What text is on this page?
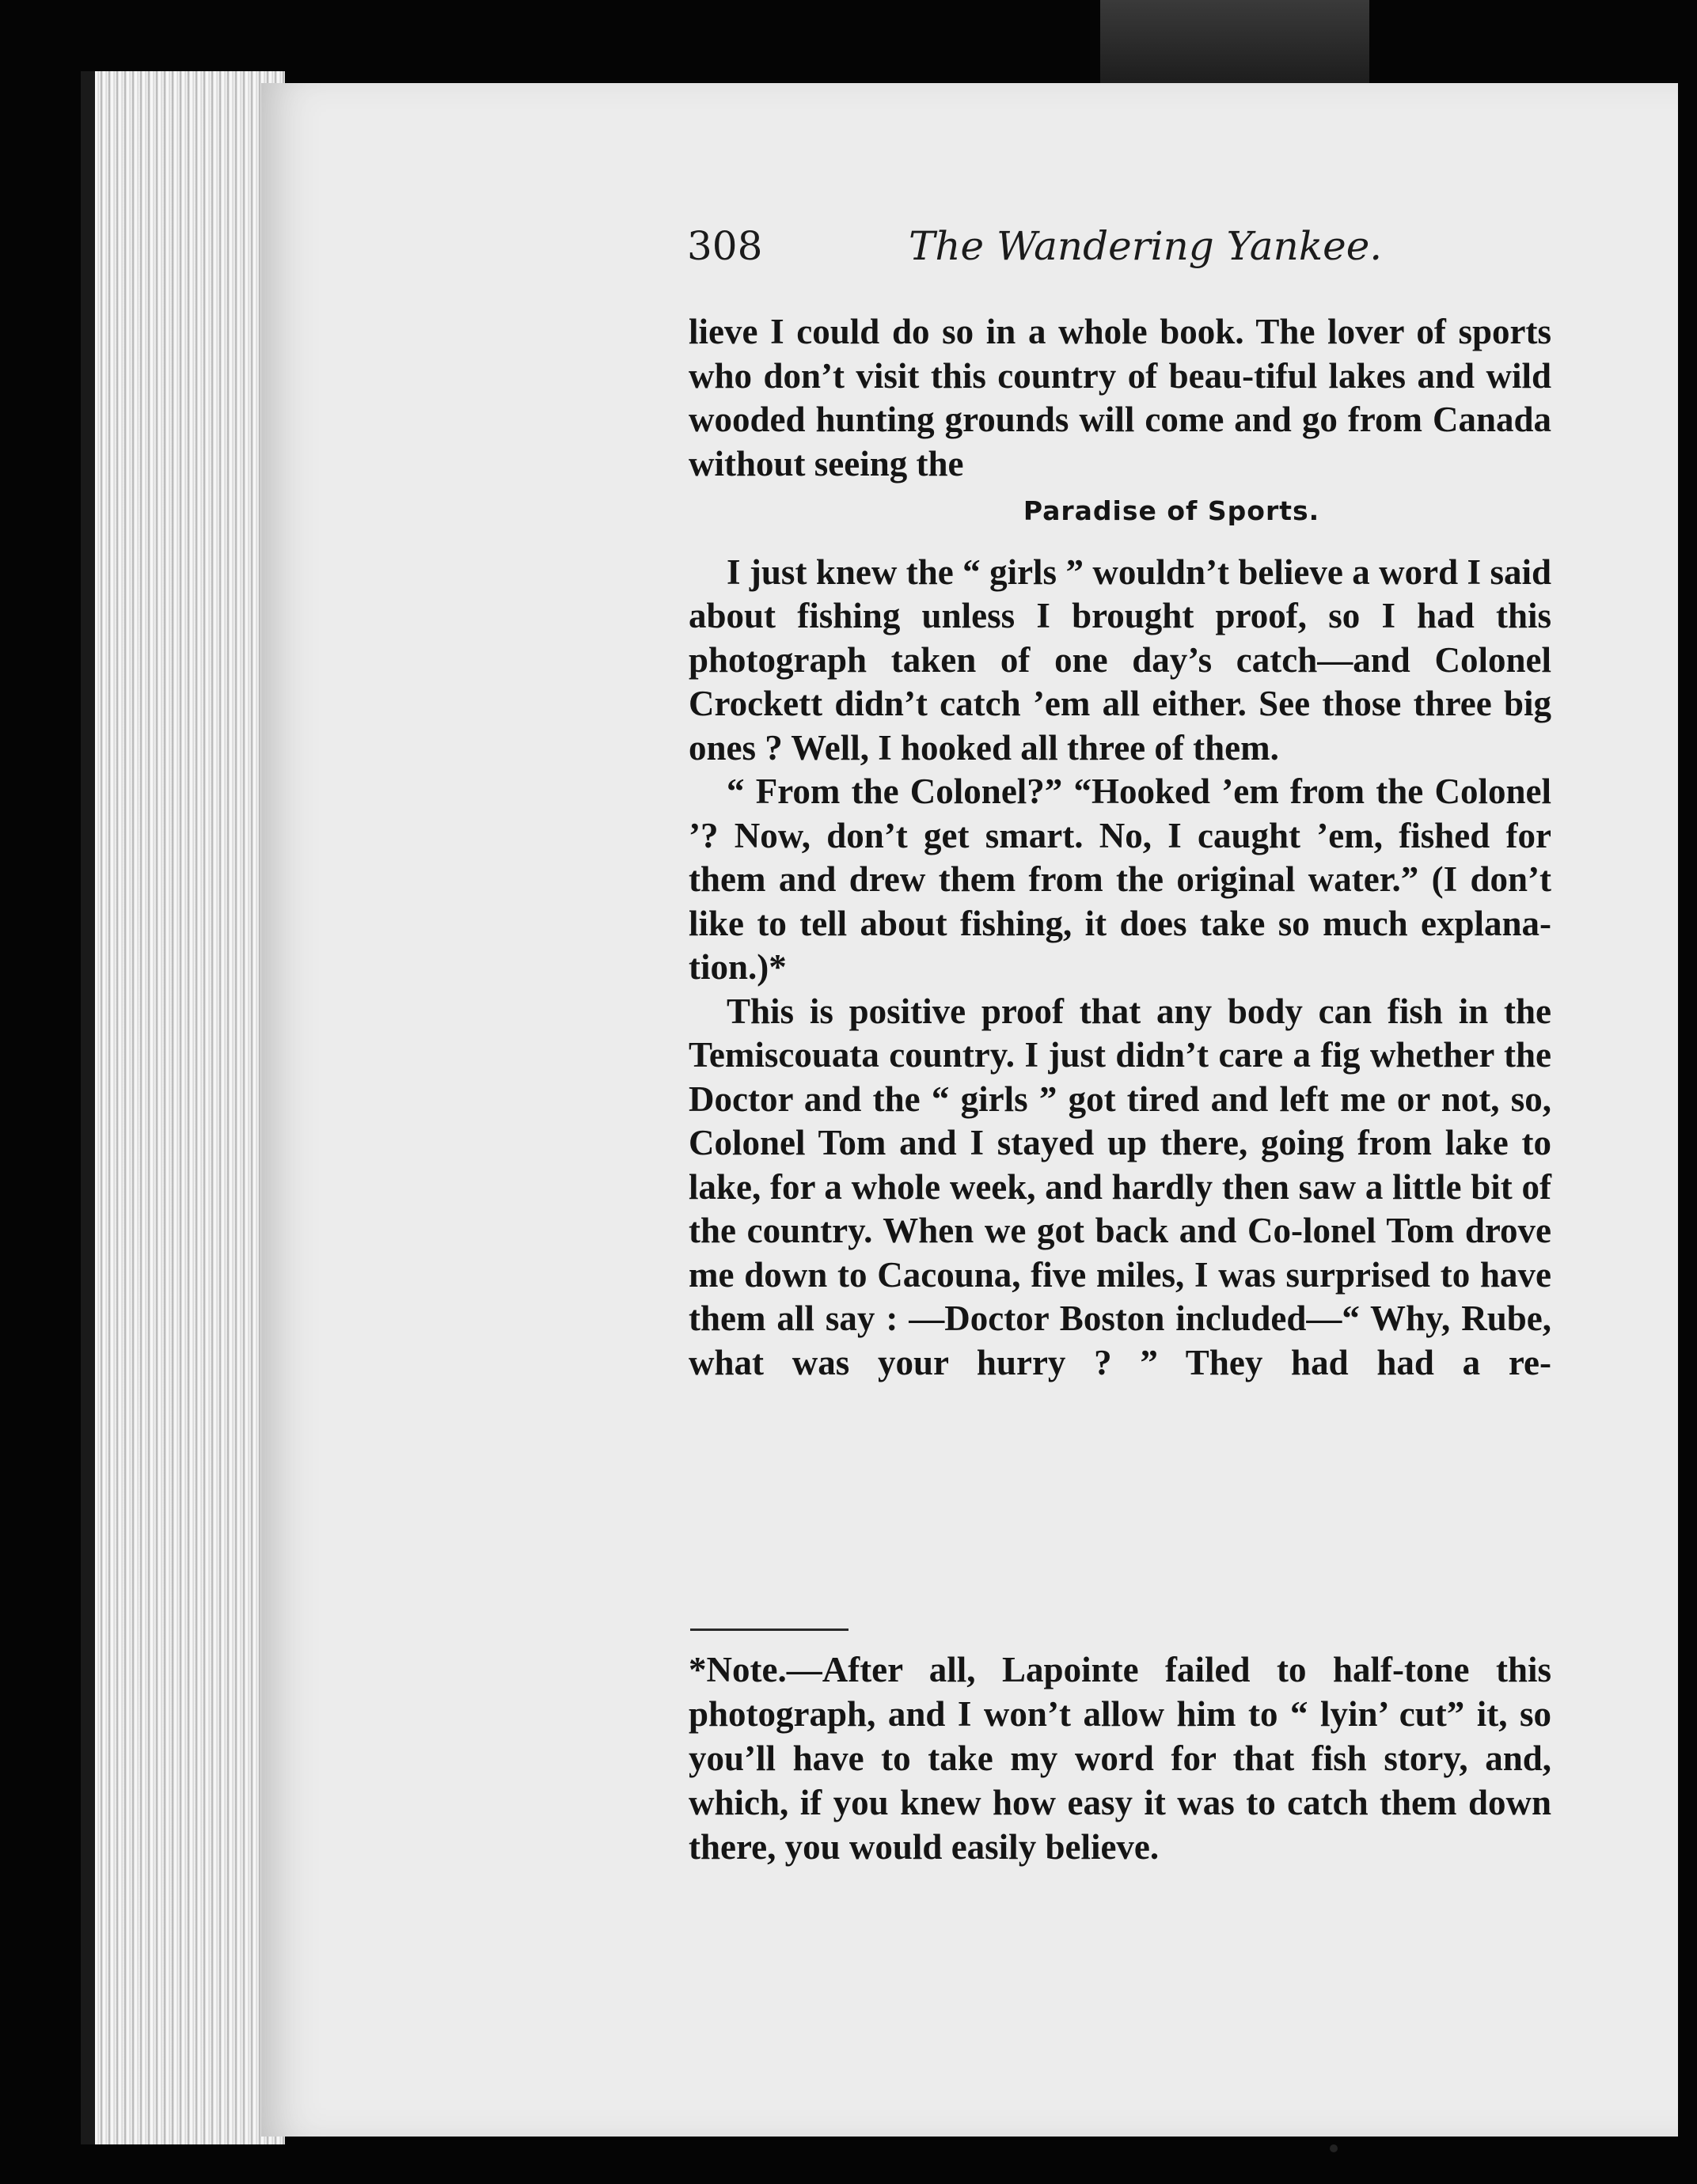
308	The Wandering Yankee.

lieve I could do so in a whole book. The lover of sports who don’t visit this country of beau-tiful lakes and wild wooded hunting grounds will come and go from Canada without seeing the

Paradise of Sports.

I just knew the “ girls ” wouldn’t believe a word I said about fishing unless I brought proof, so I had this photograph taken of one day’s catch—and Colonel Crockett didn’t catch ’em all either. See those three big ones ? Well, I hooked all three of them.

“ From the Colonel?” “Hooked ’em from the Colonel ’? Now, don’t get smart. No, I caught ’em, fished for them and drew them from the original water.” (I don’t like to tell about fishing, it does take so much explana-tion.)*

This is positive proof that any body can fish in the Temiscouata country. I just didn’t care a fig whether the Doctor and the “ girls ” got tired and left me or not, so, Colonel Tom and I stayed up there, going from lake to lake, for a whole week, and hardly then saw a little bit of the country. When we got back and Co-lonel Tom drove me down to Cacouna, five miles, I was surprised to have them all say : —Doctor Boston included—“ Why, Rube, what was your hurry ? ” They had had a re-

*Note.—After all, Lapointe failed to half-tone this photograph, and I won’t allow him to “ lyin’ cut” it, so you’ll have to take my word for that fish story, and, which, if you knew how easy it was to catch them down there, you would easily believe.
